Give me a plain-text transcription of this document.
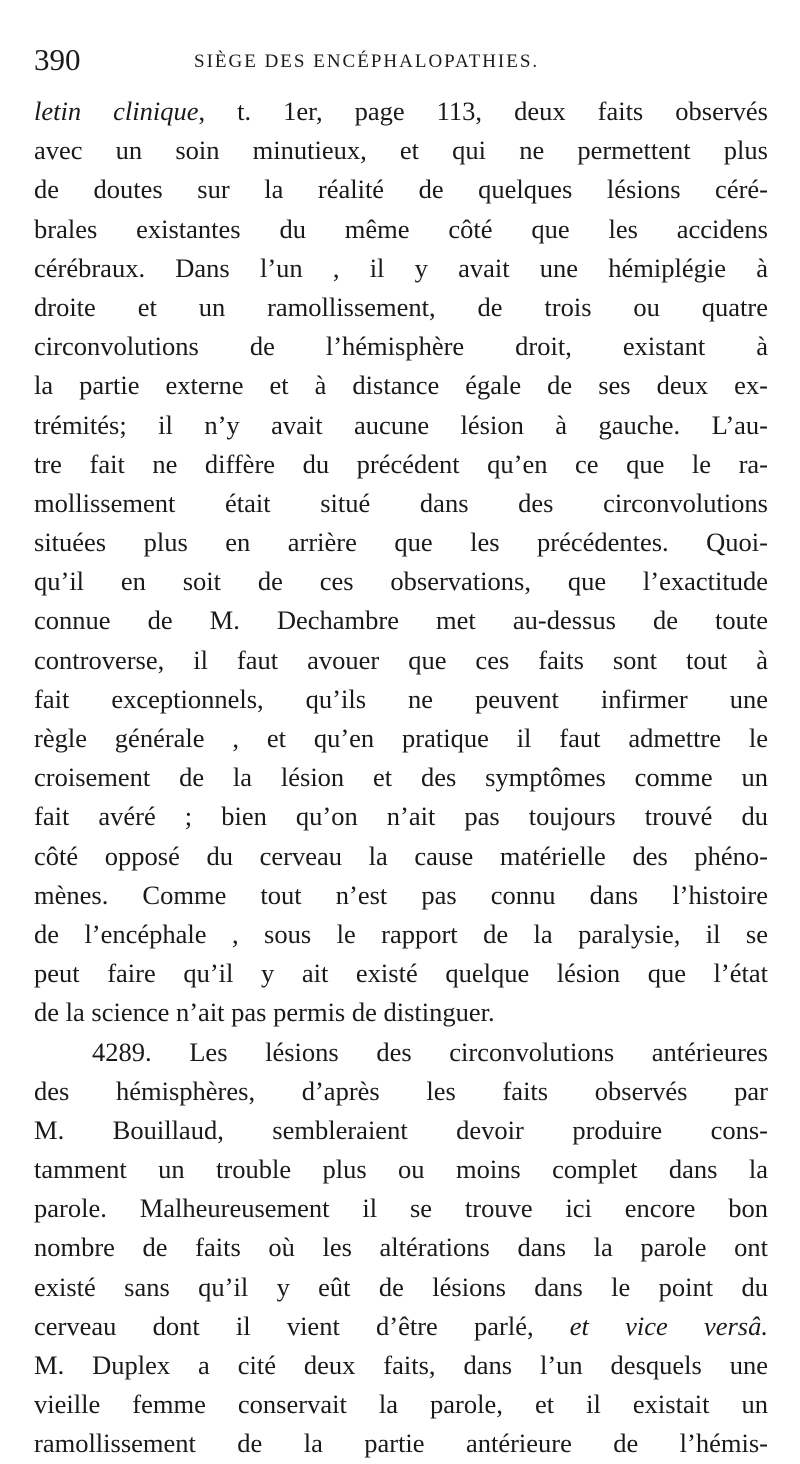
390	SIÈGE DES ENCÉPHALOPATHIES.
letin clinique, t. 1er, page 113, deux faits observés
avec un soin minutieux, et qui ne permettent plus
de doutes sur la réalité de quelques lésions céré-
brales existantes du même côté que les accidens
cérébraux. Dans l’un , il y avait une hémiplégie à
droite et un ramollissement, de trois ou quatre
circonvolutions de l’hémisphère droit, existant à
la partie externe et à distance égale de ses deux ex-
trémités; il n’y avait aucune lésion à gauche. L’au-
tre fait ne diffère du précédent qu’en ce que le ra-
mollissement était situé dans des circonvolutions
situées plus en arrière que les précédentes. Quoi-
qu’il en soit de ces observations, que l’exactitude
connue de M. Dechambre met au-dessus de toute
controverse, il faut avouer que ces faits sont tout à
fait exceptionnels, qu’ils ne peuvent infirmer une
règle générale , et qu’en pratique il faut admettre le
croisement de la lésion et des symptômes comme un
fait avéré ; bien qu’on n’ait pas toujours trouvé du
côté opposé du cerveau la cause matérielle des phéno-
mènes. Comme tout n’est pas connu dans l’histoire
de l’encéphale , sous le rapport de la paralysie, il se
peut faire qu’il y ait existé quelque lésion que l’état
de la science n’ait pas permis de distinguer.
4289. Les lésions des circonvolutions antérieures
des hémisphères, d’après les faits observés par
M. Bouillaud, sembleraient devoir produire cons-
tamment un trouble plus ou moins complet dans la
parole. Malheureusement il se trouve ici encore bon
nombre de faits où les altérations dans la parole ont
existé sans qu’il y eût de lésions dans le point du
cerveau dont il vient d’être parlé, et vice versâ.
M. Duplex a cité deux faits, dans l’un desquels une
vieille femme conservait la parole, et il existait un
ramollissement de la partie antérieure de l’hémis-
